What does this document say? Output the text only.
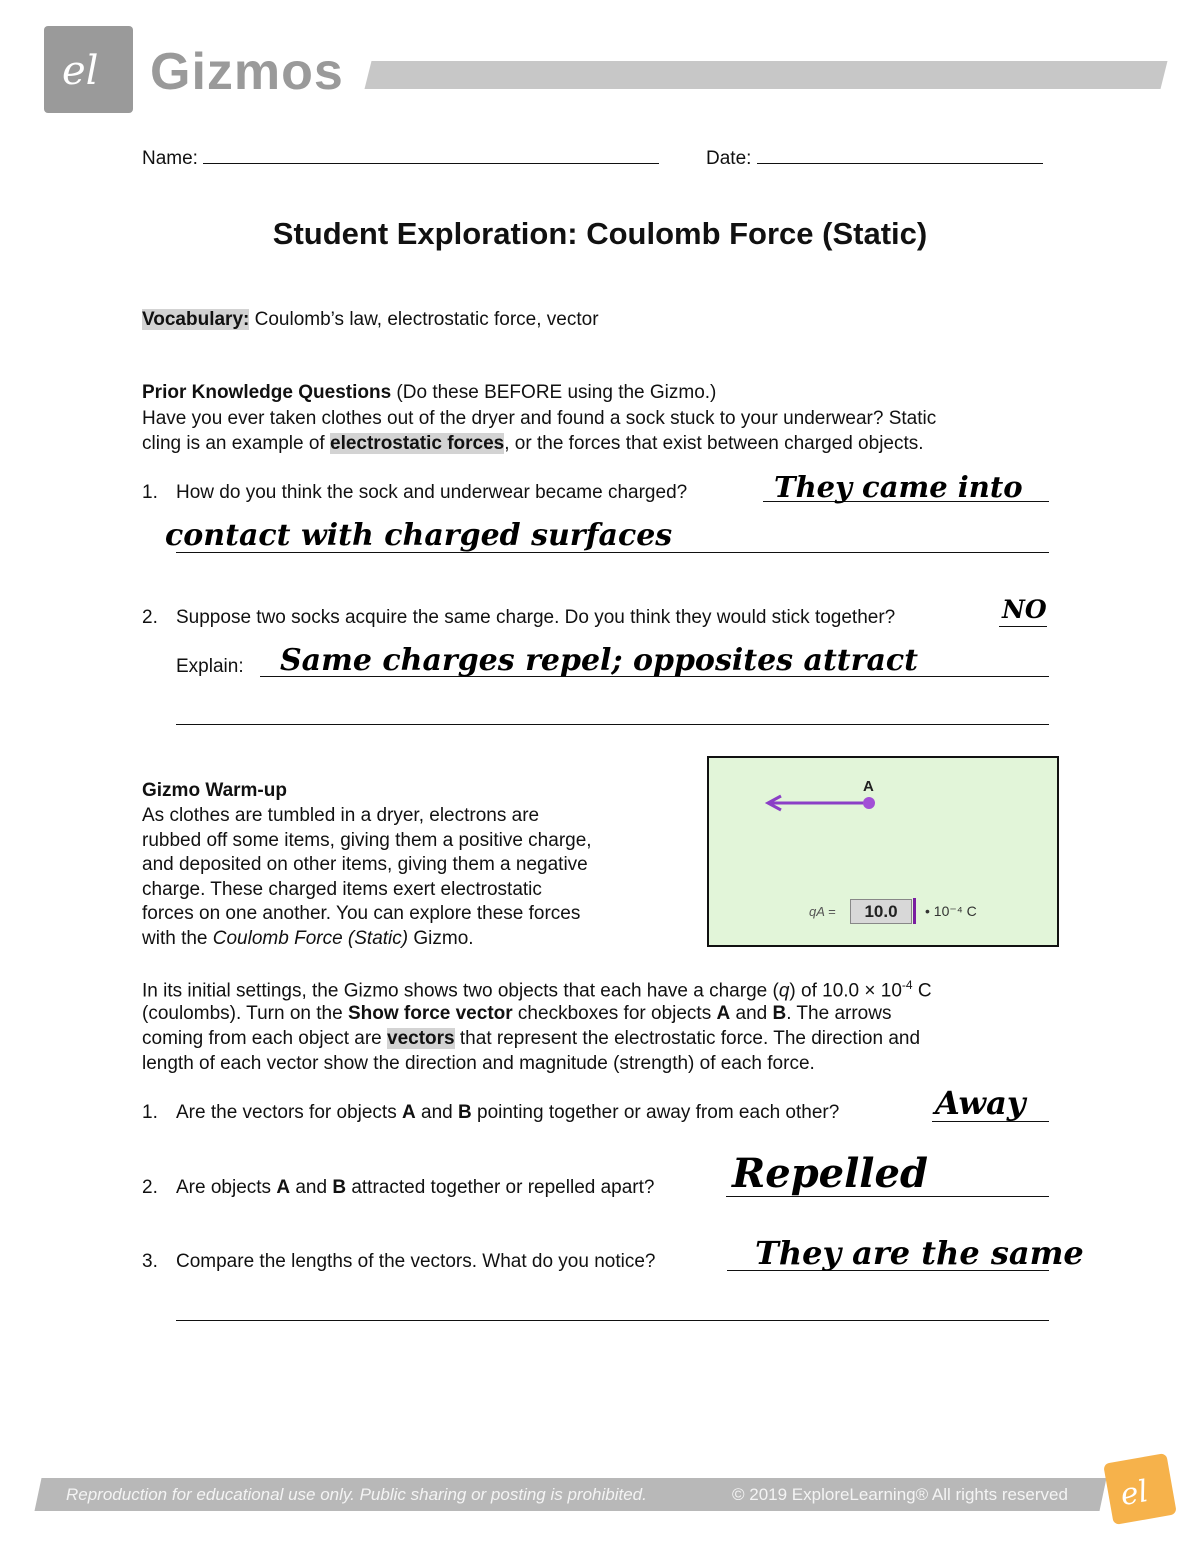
el Gizmos
Name:	Date:
Student Exploration: Coulomb Force (Static)
Vocabulary: Coulomb’s law, electrostatic force, vector
Prior Knowledge Questions (Do these BEFORE using the Gizmo.)
Have you ever taken clothes out of the dryer and found a sock stuck to your underwear? Static
cling is an example of electrostatic forces, or the forces that exist between charged objects.
1. How do you think the sock and underwear became charged?	They came into
contact with charged surfaces
2. Suppose two socks acquire the same charge. Do you think they would stick together?	NO
Explain: Same charges repel; opposites attract
Gizmo Warm-up
As clothes are tumbled in a dryer, electrons are
rubbed off some items, giving them a positive charge,
and deposited on other items, giving them a negative
charge. These charged items exert electrostatic
forces on one another. You can explore these forces
with the Coulomb Force (Static) Gizmo.
A
qA =	• 10⁻⁴ C
10.0
In its initial settings, the Gizmo shows two objects that each have a charge (q) of $10.0 \times 10^{-4}$ C
(coulombs). Turn on the Show force vector checkboxes for objects A and B. The arrows
coming from each object are vectors that represent the electrostatic force. The direction and
length of each vector show the direction and magnitude (strength) of each force.
1. Are the vectors for objects A and B pointing together or away from each other?	Away
2. Are objects A and B attracted together or repelled apart? Repelled
3. Compare the lengths of the vectors. What do you notice?	They are the same
Reproduction for educational use only. Public sharing or posting is prohibited.	© 2019 ExploreLearning® All rights reserved el
